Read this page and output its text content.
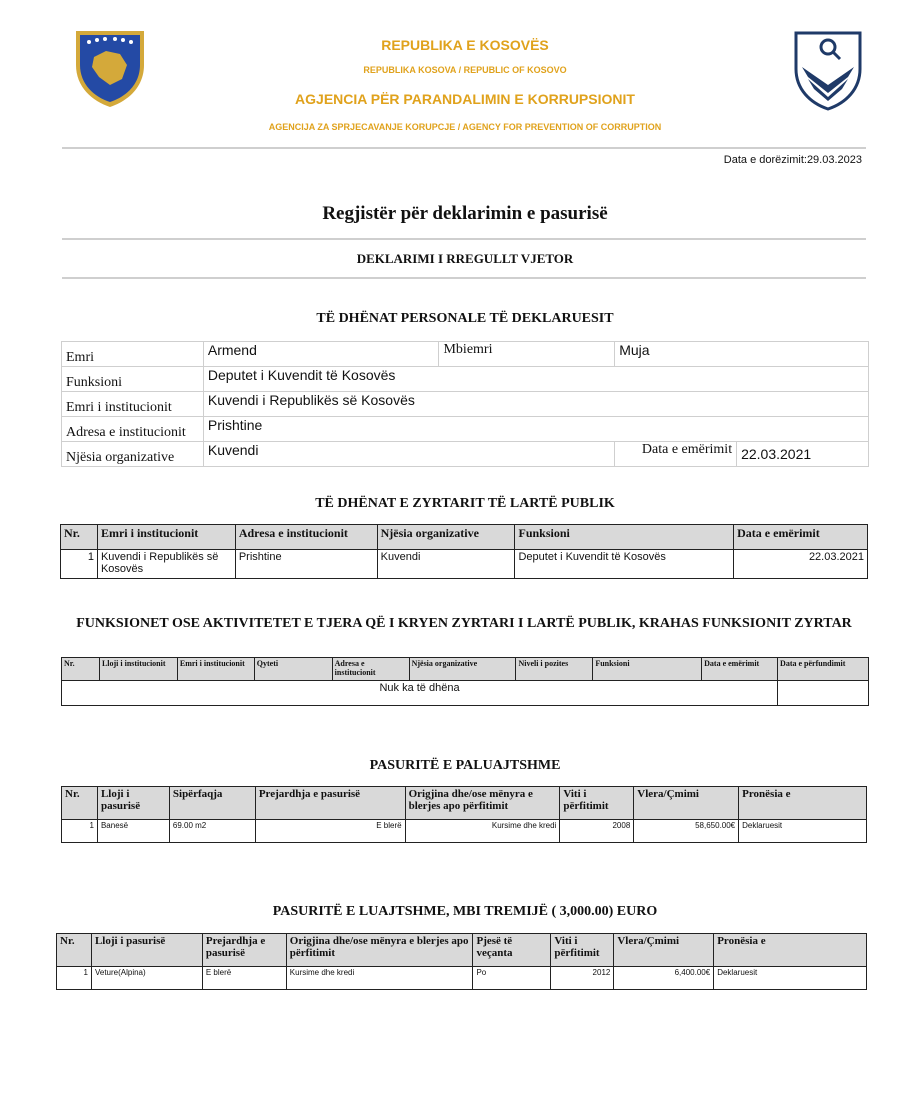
REPUBLIKA E KOSOVËS
REPUBLIKA KOSOVA / REPUBLIC OF KOSOVO
AGJENCIA PËR PARANDALIMIN E KORRUPSIONIT
AGENCIJA ZA SPRJECAVANJE KORUPCJE / AGENCY FOR PREVENTION OF CORRUPTION
Data e dorëzimit:29.03.2023
Regjistër për deklarimin e pasurisë
DEKLARIMI I RREGULLT VJETOR
TË DHËNAT PERSONALE TË DEKLARUESIT
Emri	Armend	Mbiemri	Muja	
Funksioni	Deputet i Kuvendit të Kosovës			
Emri i institucionit	Kuvendi i Republikës së Kosovës			
Adresa e institucionit	Prishtine			
Njësia organizative	Kuvendi		Data e emërimit	22.03.2021
TË DHËNAT E ZYRTARIT TË LARTË PUBLIK
Nr.	Emri i institucionit	Adresa e institucionit	Njësia organizative	Funksioni	Data e emërimit
1	Kuvendi i Republikës së Kosovës	Prishtine	Kuvendi	Deputet i Kuvendit të Kosovës	22.03.2021
FUNKSIONET OSE AKTIVITETET E TJERA QË I KRYEN ZYRTARI I LARTË PUBLIK, KRAHAS FUNKSIONIT ZYRTAR
Nr.	Lloji i institucionit	Emri i institucionit	Qyteti	Adresa e institucionit	Njësia organizative	Niveli i pozites	Funksioni	Data e emërimit	Data e përfundimit
Nuk ka të dhëna									
PASURITË E PALUAJTSHME
Nr.	Lloji i pasurisë	Sipërfaqja	Prejardhja e pasurisë	Origjina dhe/ose mënyra e blerjes apo përfitimit	Viti i përfitimit	Vlera/Çmimi	Pronësia e
1	Banesë	69.00 m2	E blerë	Kursime dhe kredi	2008	58,650.00€	Deklaruesit
PASURITË E LUAJTSHME, MBI TREMIJË ( 3,000.00) EURO
Nr.	Lloji i pasurisë	Prejardhja e pasurisë	Origjina dhe/ose mënyra e blerjes apo përfitimit	Pjesë të veçanta	Viti i përfitimit	Vlera/Çmimi	Pronësia e
1	Veture(Alpina)	E blerë	Kursime dhe kredi	Po	2012	6,400.00€	Deklaruesit
